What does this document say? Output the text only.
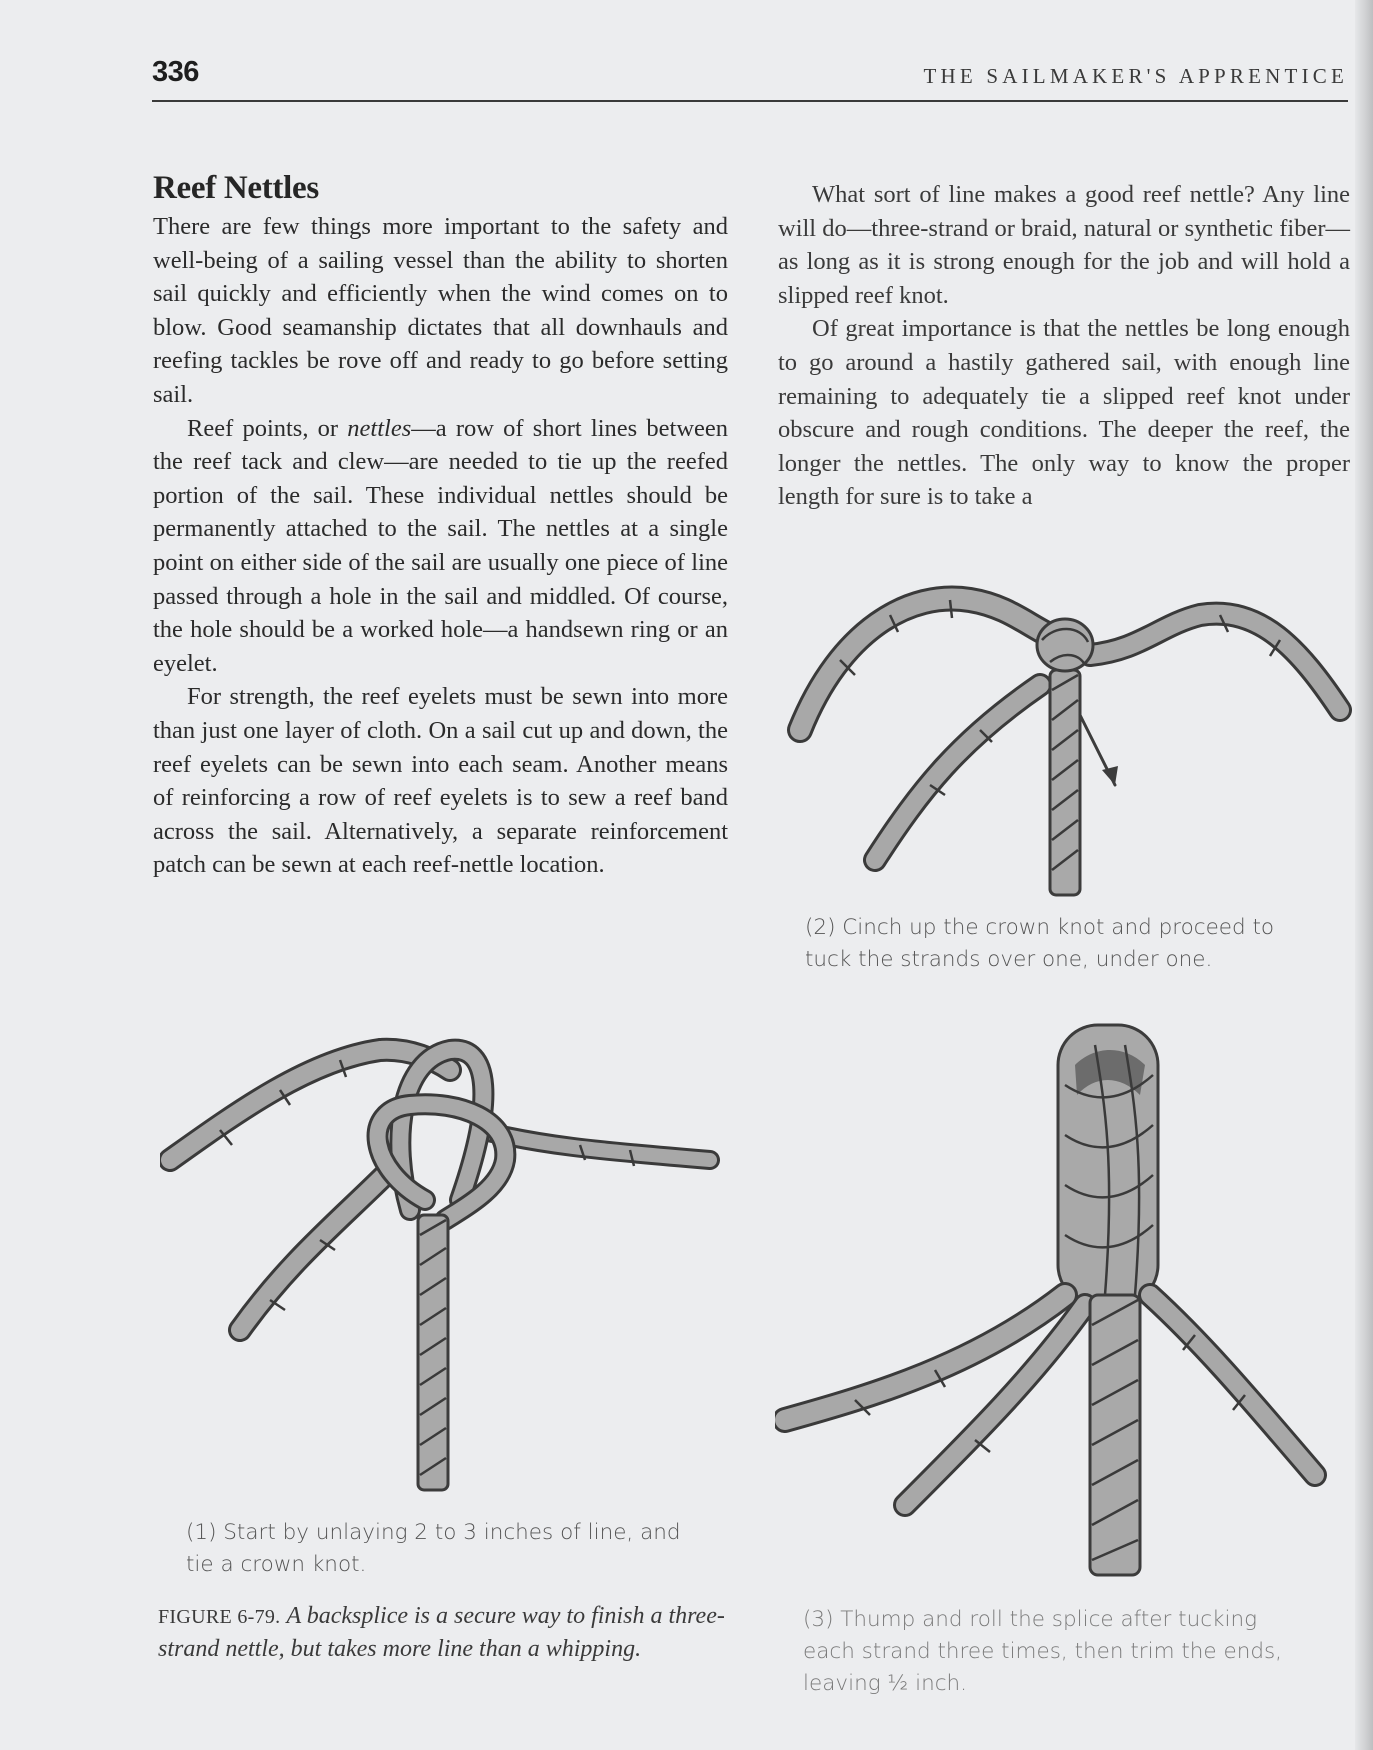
336	THE SAILMAKER'S APPRENTICE
Reef Nettles

There are few things more important to the safety and well-being of a sailing vessel than the ability to shorten sail quickly and efficiently when the wind comes on to blow. Good seamanship dictates that all downhauls and reefing tackles be rove off and ready to go before setting sail.

Reef points, or nettles—a row of short lines between the reef tack and clew—are needed to tie up the reefed portion of the sail. These individual nettles should be permanently attached to the sail. The nettles at a single point on either side of the sail are usually one piece of line passed through a hole in the sail and middled. Of course, the hole should be a worked hole—a handsewn ring or an eyelet.

For strength, the reef eyelets must be sewn into more than just one layer of cloth. On a sail cut up and down, the reef eyelets can be sewn into each seam. Another means of reinforcing a row of reef eyelets is to sew a reef band across the sail. Alternatively, a separate reinforcement patch can be sewn at each reef-nettle location.

What sort of line makes a good reef nettle? Any line will do—three-strand or braid, natural or synthetic fiber—as long as it is strong enough for the job and will hold a slipped reef knot.

Of great importance is that the nettles be long enough to go around a hastily gathered sail, with enough line remaining to adequately tie a slipped reef knot under obscure and rough conditions. The deeper the reef, the longer the nettles. The only way to know the proper length for sure is to take a

(2) Cinch up the crown knot and proceed to tuck the strands over one, under one.
(1) Start by unlaying 2 to 3 inches of line, and tie a crown knot.
(3) Thump and roll the splice after tucking each strand three times, then trim the ends, leaving ½ inch.
FIGURE 6-79. A backsplice is a secure way to finish a three-strand nettle, but takes more line than a whipping.
